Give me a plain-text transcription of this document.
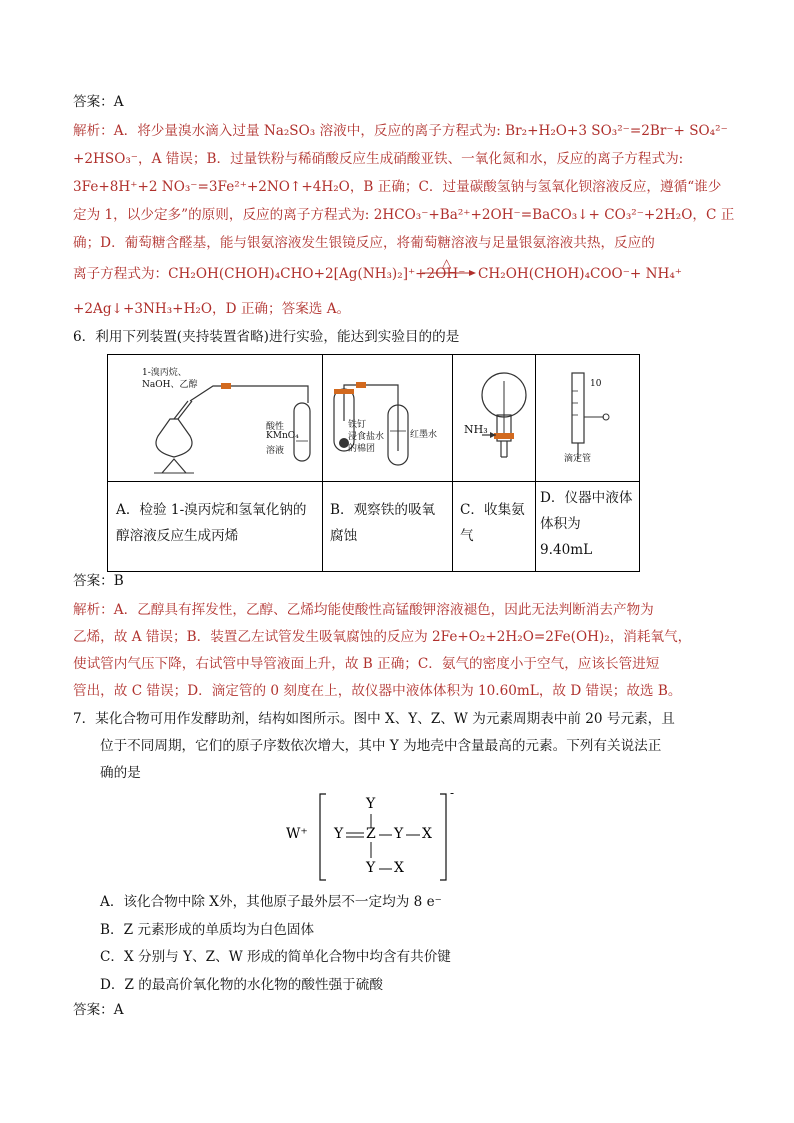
答案：A
解析：A．将少量溴水滴入过量 Na₂SO₃ 溶液中，反应的离子方程式为: Br₂+H₂O+3 SO₃²⁻=2Br⁻+ SO₄²⁻
+2HSO₃⁻，A 错误；B．过量铁粉与稀硝酸反应生成硝酸亚铁、一氧化氮和水，反应的离子方程式为:
3Fe+8H⁺+2 NO₃⁻=3Fe²⁺+2NO↑+4H₂O，B 正确；C．过量碳酸氢钠与氢氧化钡溶液反应，遵循“谁少
定为 1，以少定多”的原则，反应的离子方程式为: 2HCO₃⁻+Ba²⁺+2OH⁻=BaCO₃↓+ CO₃²⁻+2H₂O，C 正
确；D．葡萄糖含醛基，能与银氨溶液发生银镜反应，将葡萄糖溶液与足量银氨溶液共热，反应的
离子方程式为：CH₂OH(CHOH)₄CHO+2[Ag(NH₃)₂]⁺+2OH⁻
△
CH₂OH(CHOH)₄COO⁻+ NH₄⁺
+2Ag↓+3NH₃+H₂O，D 正确；答案选 A。
6．利用下列装置(夹持装置省略)进行实验，能达到实验目的的是
1-溴丙烷、
NaOH、乙醇
酸性
KMnO₄
溶液
铁钉
浸食盐水
的棉团
红墨水 NH₃
10
滴定管
A．检验 1-溴丙烷和氢氧化钠的
醇溶液反应生成丙烯
B．观察铁的吸氧
腐蚀
C．收集氨
气
D．仪器中液体
体积为
9.40mL
答案：B
解析：A．乙醇具有挥发性，乙醇、乙烯均能使酸性高锰酸钾溶液褪色，因此无法判断消去产物为
乙烯，故 A 错误；B．装置乙左试管发生吸氧腐蚀的反应为 2Fe+O₂+2H₂O=2Fe(OH)₂，消耗氧气，
使试管内气压下降，右试管中导管液面上升，故 B 正确；C．氨气的密度小于空气，应该长管进短
管出，故 C 错误；D．滴定管的 0 刻度在上，故仪器中液体体积为 10.60mL，故 D 错误；故选 B。
7．某化合物可用作发酵助剂，结构如图所示。图中 X、Y、Z、W 为元素周期表中前 20 号元素，且
位于不同周期，它们的原子序数依次增大，其中 Y 为地壳中含量最高的元素。下列有关说法正
确的是
W⁺
Y
Y Z Y X
Y X
-
A．该化合物中除 X外，其他原子最外层不一定均为 8 e⁻
B．Z 元素形成的单质均为白色固体
C．X 分别与 Y、Z、W 形成的简单化合物中均含有共价键
D．Z 的最高价氧化物的水化物的酸性强于硫酸
答案：A
